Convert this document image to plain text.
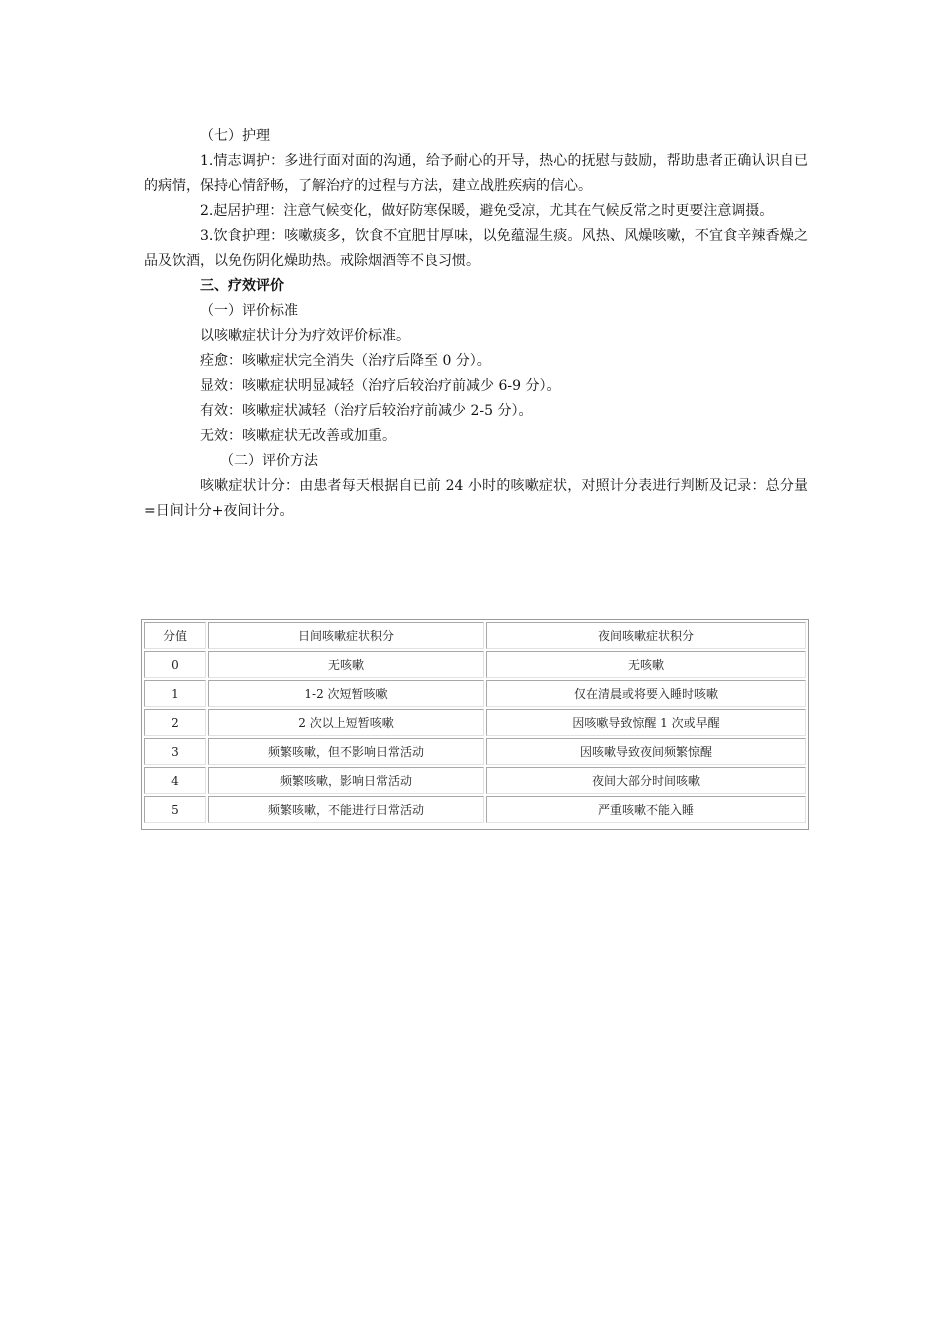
（七）护理

1.情志调护：多进行面对面的沟通，给予耐心的开导，热心的抚慰与鼓励，帮助患者正确认识自已的病情，保持心情舒畅，了解治疗的过程与方法，建立战胜疾病的信心。

2.起居护理：注意气候变化，做好防寒保暖，避免受凉，尤其在气候反常之时更要注意调摄。

3.饮食护理：咳嗽痰多，饮食不宜肥甘厚味，以免蕴湿生痰。风热、风燥咳嗽，不宜食辛辣香燥之品及饮酒，以免伤阴化燥助热。戒除烟酒等不良习惯。

三、疗效评价

（一）评价标准

以咳嗽症状计分为疗效评价标准。

痊愈：咳嗽症状完全消失（治疗后降至 0 分）。

显效：咳嗽症状明显减轻（治疗后较治疗前减少 6-9 分）。

有效：咳嗽症状减轻（治疗后较治疗前减少 2-5 分）。

无效：咳嗽症状无改善或加重。

（二）评价方法

咳嗽症状计分：由患者每天根据自已前 24 小时的咳嗽症状，对照计分表进行判断及记录：总分量=日间计分+夜间计分。

分值	日间咳嗽症状积分	夜间咳嗽症状积分
0	无咳嗽	无咳嗽
1	1-2 次短暂咳嗽	仅在清晨或将要入睡时咳嗽
2	2 次以上短暂咳嗽	因咳嗽导致惊醒 1 次或早醒
3	频繁咳嗽，但不影响日常活动	因咳嗽导致夜间频繁惊醒
4	频繁咳嗽，影响日常活动	夜间大部分时间咳嗽
5	频繁咳嗽，不能进行日常活动	严重咳嗽不能入睡
